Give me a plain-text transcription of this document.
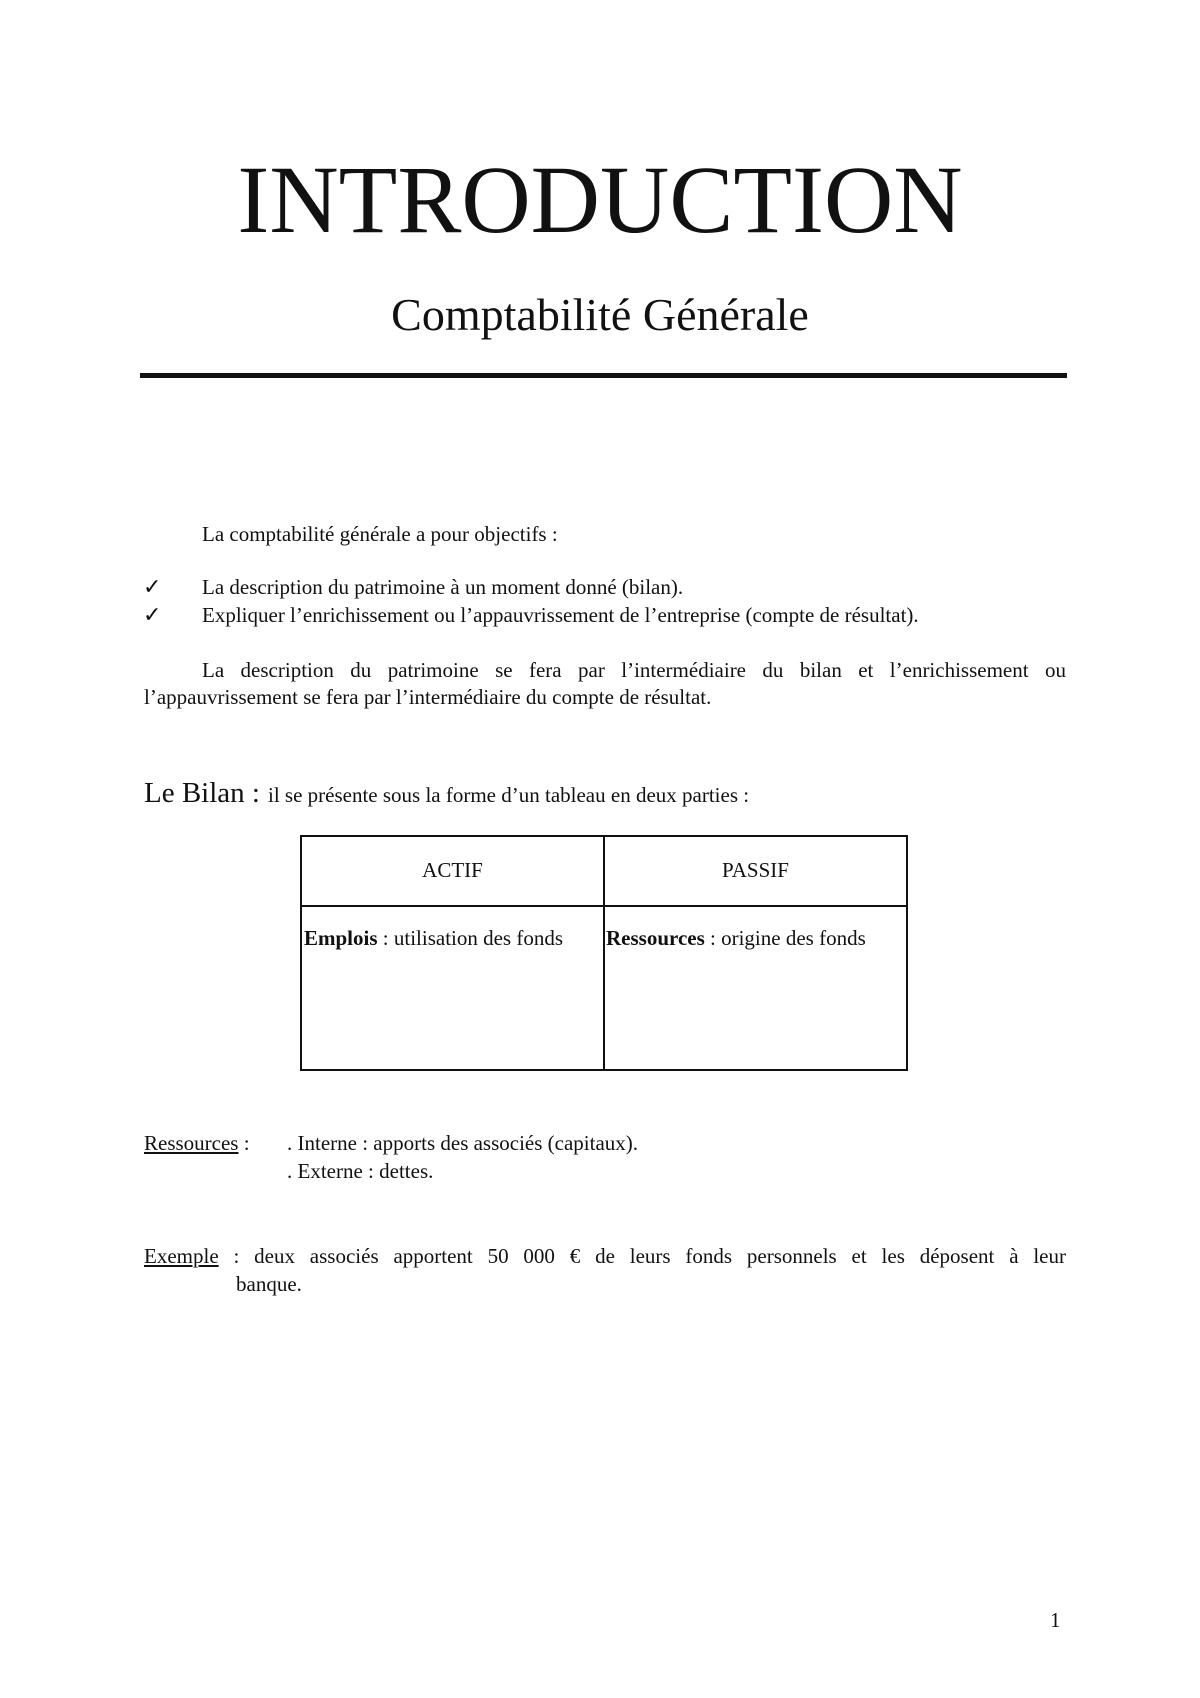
INTRODUCTION
Comptabilité Générale
La comptabilité générale a pour objectifs :
✓ La description du patrimoine à un moment donné (bilan).
✓ Expliquer l’enrichissement ou l’appauvrissement de l’entreprise (compte de résultat).

La description du patrimoine se fera par l’intermédiaire du bilan et l’enrichissement ou l’appauvrissement se fera par l’intermédiaire du compte de résultat.

Le Bilan : il se présente sous la forme d’un tableau en deux parties :
ACTIF	PASSIF
Emplois : utilisation des fonds Ressources : origine des fonds
Ressources : . Interne : apports des associés (capitaux).
. Externe : dettes.
Exemple : deux associés apportent 50 000 € de leurs fonds personnels et les déposent à leur
banque.
1
